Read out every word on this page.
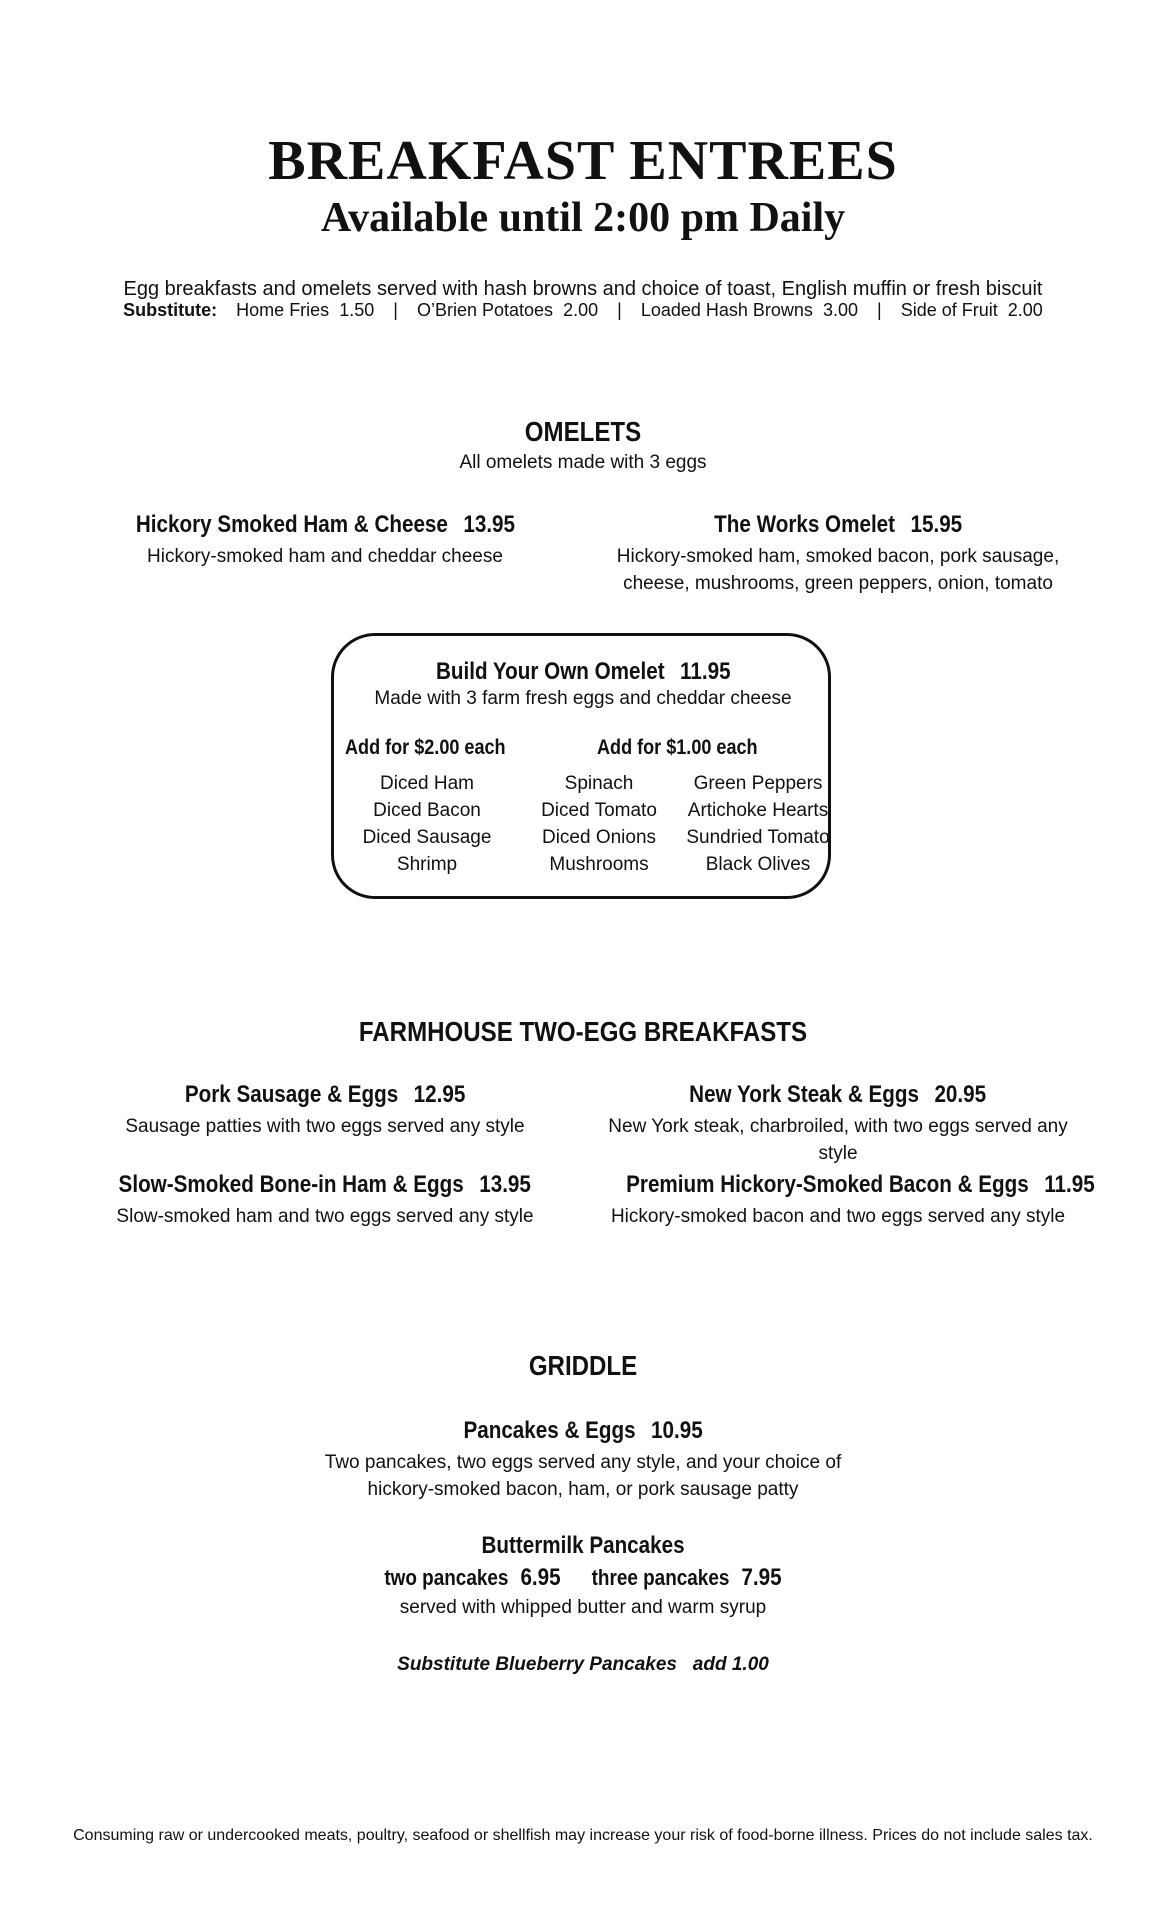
BREAKFAST ENTREES
Available until 2:00 pm Daily
Egg breakfasts and omelets served with hash browns and choice of toast, English muffin or fresh biscuit
Substitute: Home Fries 1.50 | O’Brien Potatoes 2.00 | Loaded Hash Browns 3.00 | Side of Fruit 2.00
OMELETS
All omelets made with 3 eggs
Hickory Smoked Ham & Cheese 13.95
Hickory-smoked ham and cheddar cheese
The Works Omelet 15.95
Hickory-smoked ham, smoked bacon, pork sausage,
cheese, mushrooms, green peppers, onion, tomato
Build Your Own Omelet 11.95
Made with 3 farm fresh eggs and cheddar cheese
Add for $2.00 each	Add for $1.00 each
Diced Ham
Diced Bacon
Diced Sausage
Shrimp
Spinach
Diced Tomato
Diced Onions
Mushrooms
Green Peppers
Artichoke Hearts
Sundried Tomato
Black Olives
FARMHOUSE TWO-EGG BREAKFASTS
Pork Sausage & Eggs 12.95
Sausage patties with two eggs served any style
New York Steak & Eggs 20.95
New York steak, charbroiled, with two eggs served any style
Slow-Smoked Bone-in Ham & Eggs 13.95
Slow-smoked ham and two eggs served any style
Premium Hickory-Smoked Bacon & Eggs 11.95
Hickory-smoked bacon and two eggs served any style
GRIDDLE
Pancakes & Eggs 10.95
Two pancakes, two eggs served any style, and your choice of
hickory-smoked bacon, ham, or pork sausage patty
Buttermilk Pancakes
two pancakes 6.95 three pancakes 7.95
served with whipped butter and warm syrup
Substitute Blueberry Pancakes   add 1.00
Consuming raw or undercooked meats, poultry, seafood or shellfish may increase your risk of food-borne illness. Prices do not include sales tax.
